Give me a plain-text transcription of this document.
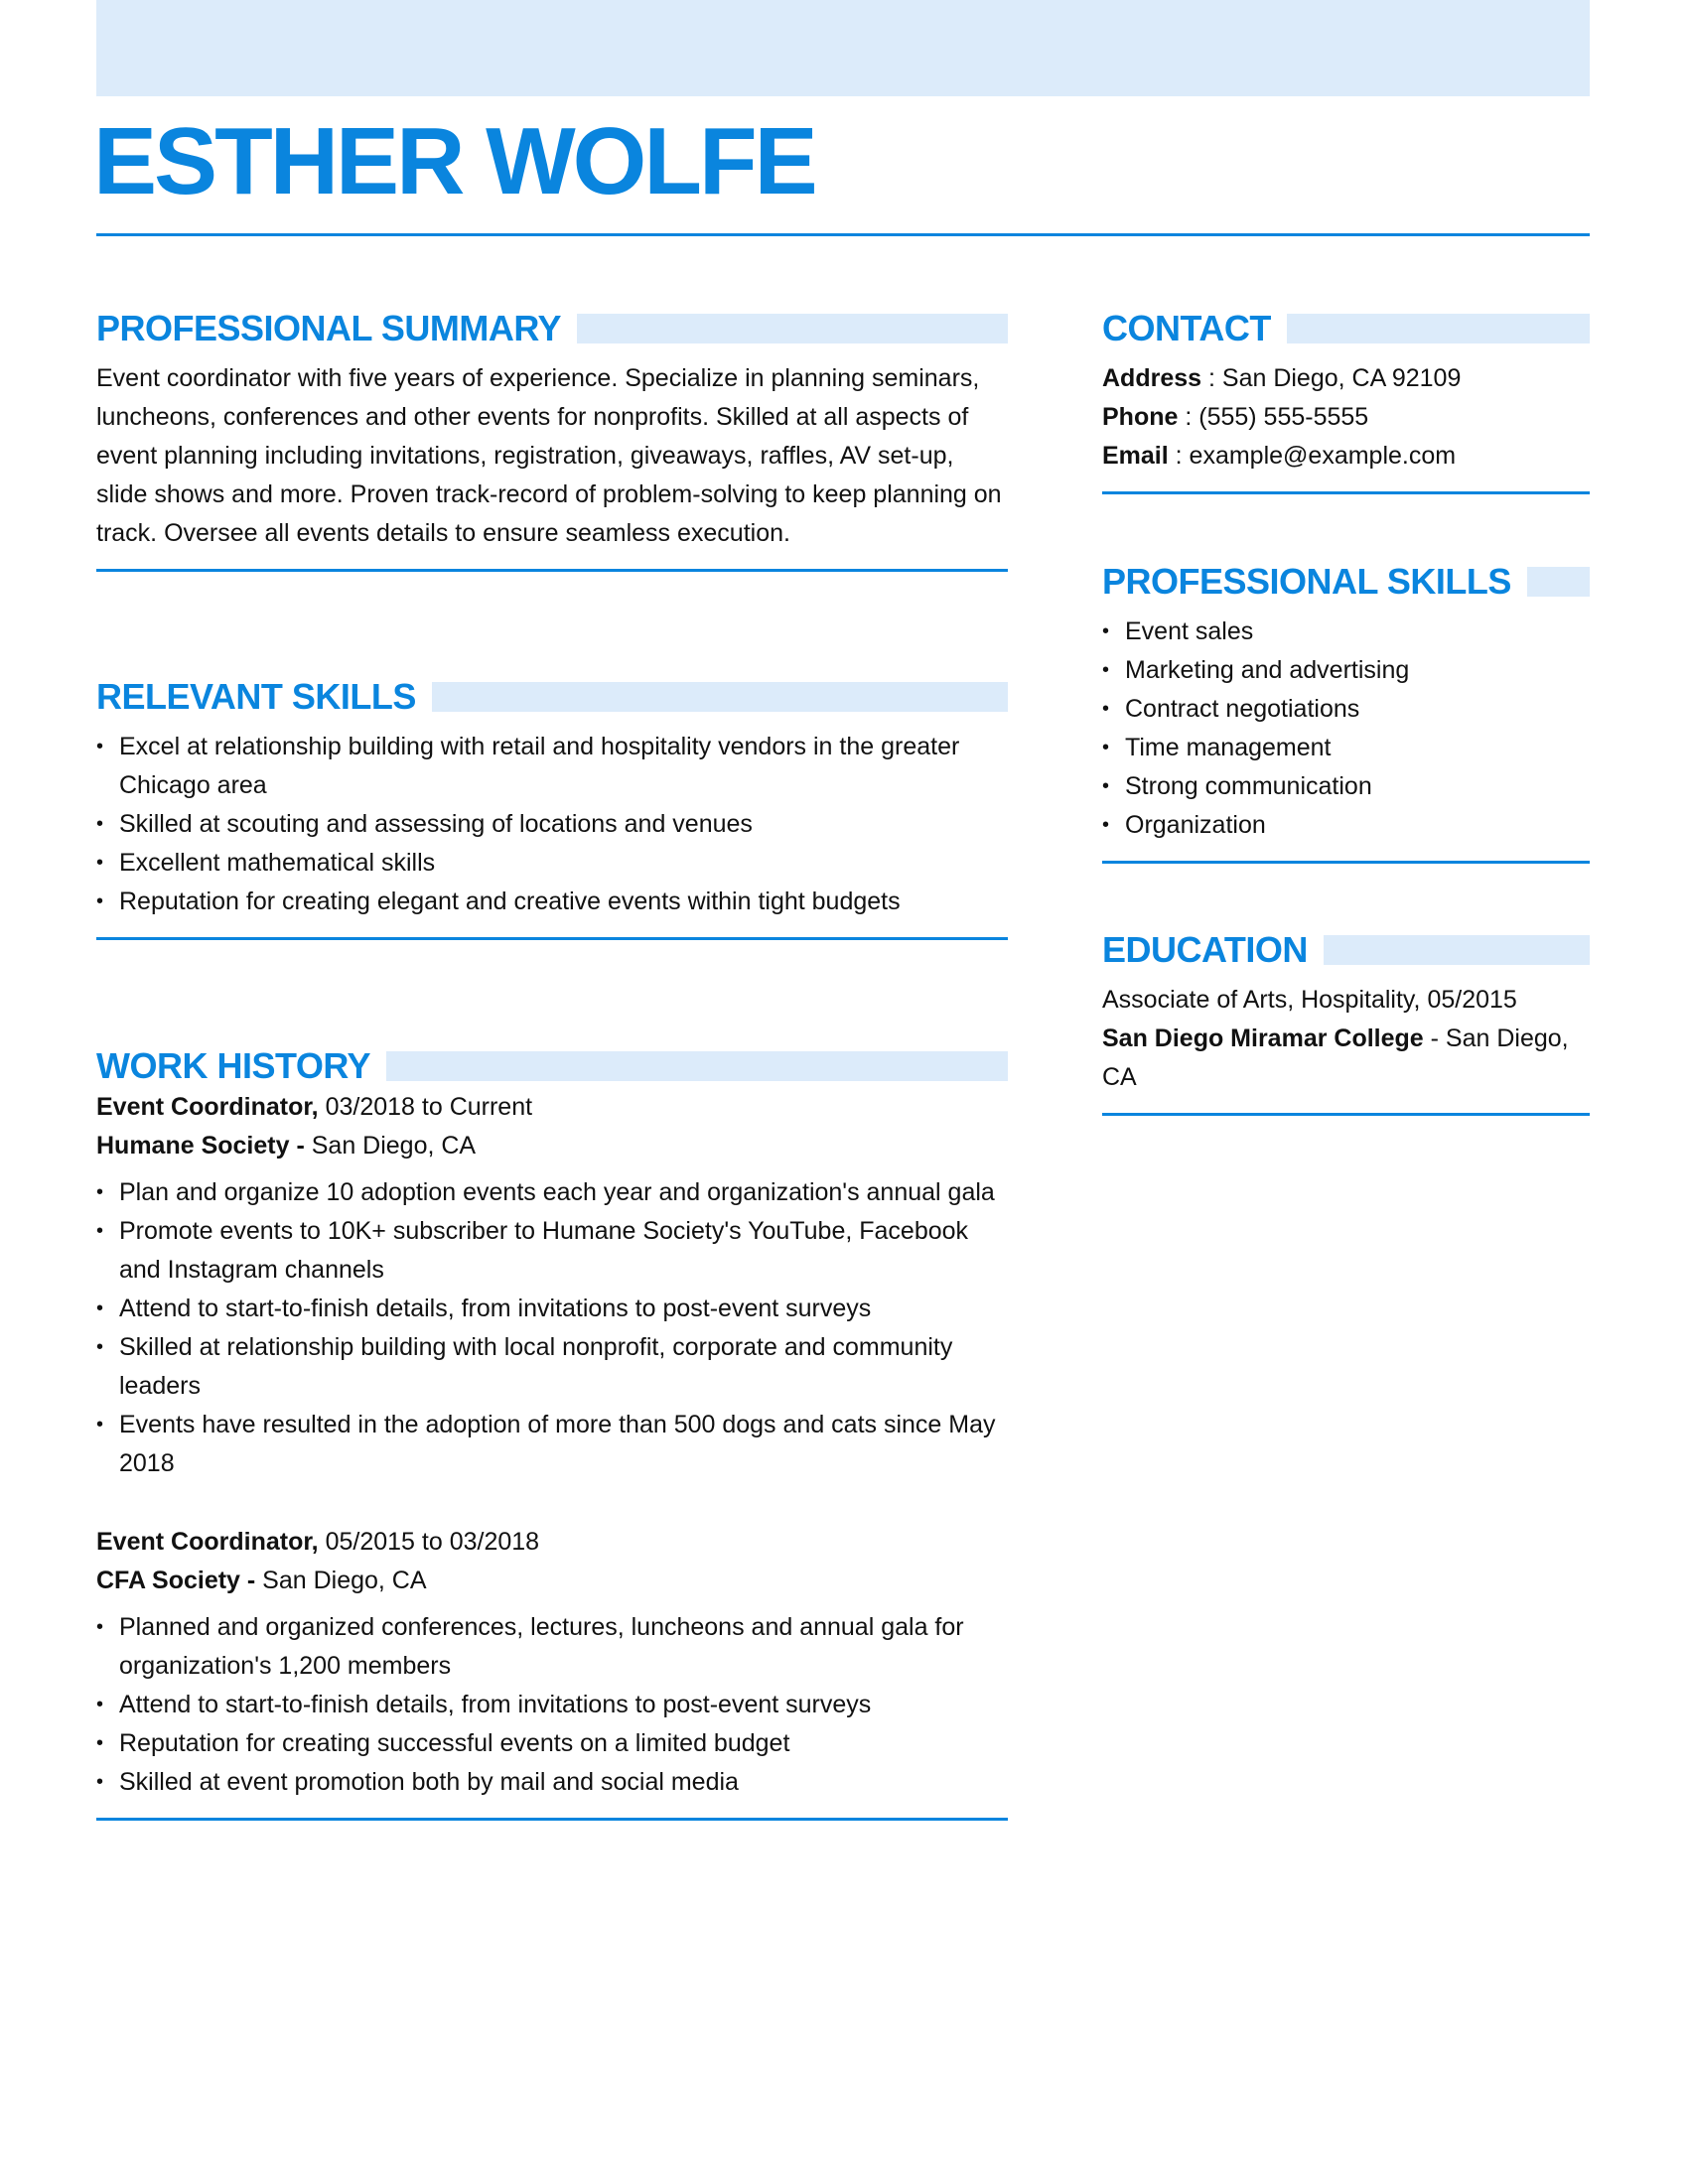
ESTHER WOLFE
PROFESSIONAL SUMMARY
Event coordinator with five years of experience. Specialize in planning seminars, luncheons, conferences and other events for nonprofits. Skilled at all aspects of event planning including invitations, registration, giveaways, raffles, AV set-up, slide shows and more. Proven track-record of problem-solving to keep planning on track. Oversee all events details to ensure seamless execution.
RELEVANT SKILLS
• Excel at relationship building with retail and hospitality vendors in the greater Chicago area
• Skilled at scouting and assessing of locations and venues
• Excellent mathematical skills
• Reputation for creating elegant and creative events within tight budgets
WORK HISTORY
Event Coordinator, 03/2018 to Current
Humane Society - San Diego, CA
• Plan and organize 10 adoption events each year and organization's annual gala
• Promote events to 10K+ subscriber to Humane Society's YouTube, Facebook and Instagram channels
• Attend to start-to-finish details, from invitations to post-event surveys
• Skilled at relationship building with local nonprofit, corporate and community leaders
• Events have resulted in the adoption of more than 500 dogs and cats since May 2018
Event Coordinator, 05/2015 to 03/2018
CFA Society - San Diego, CA
• Planned and organized conferences, lectures, luncheons and annual gala for organization's 1,200 members
• Attend to start-to-finish details, from invitations to post-event surveys
• Reputation for creating successful events on a limited budget
• Skilled at event promotion both by mail and social media
CONTACT
Address : San Diego, CA 92109
Phone : (555) 555-5555
Email : example@example.com
PROFESSIONAL SKILLS
• Event sales
• Marketing and advertising
• Contract negotiations
• Time management
• Strong communication
• Organization
EDUCATION
Associate of Arts, Hospitality, 05/2015
San Diego Miramar College - San Diego, CA
